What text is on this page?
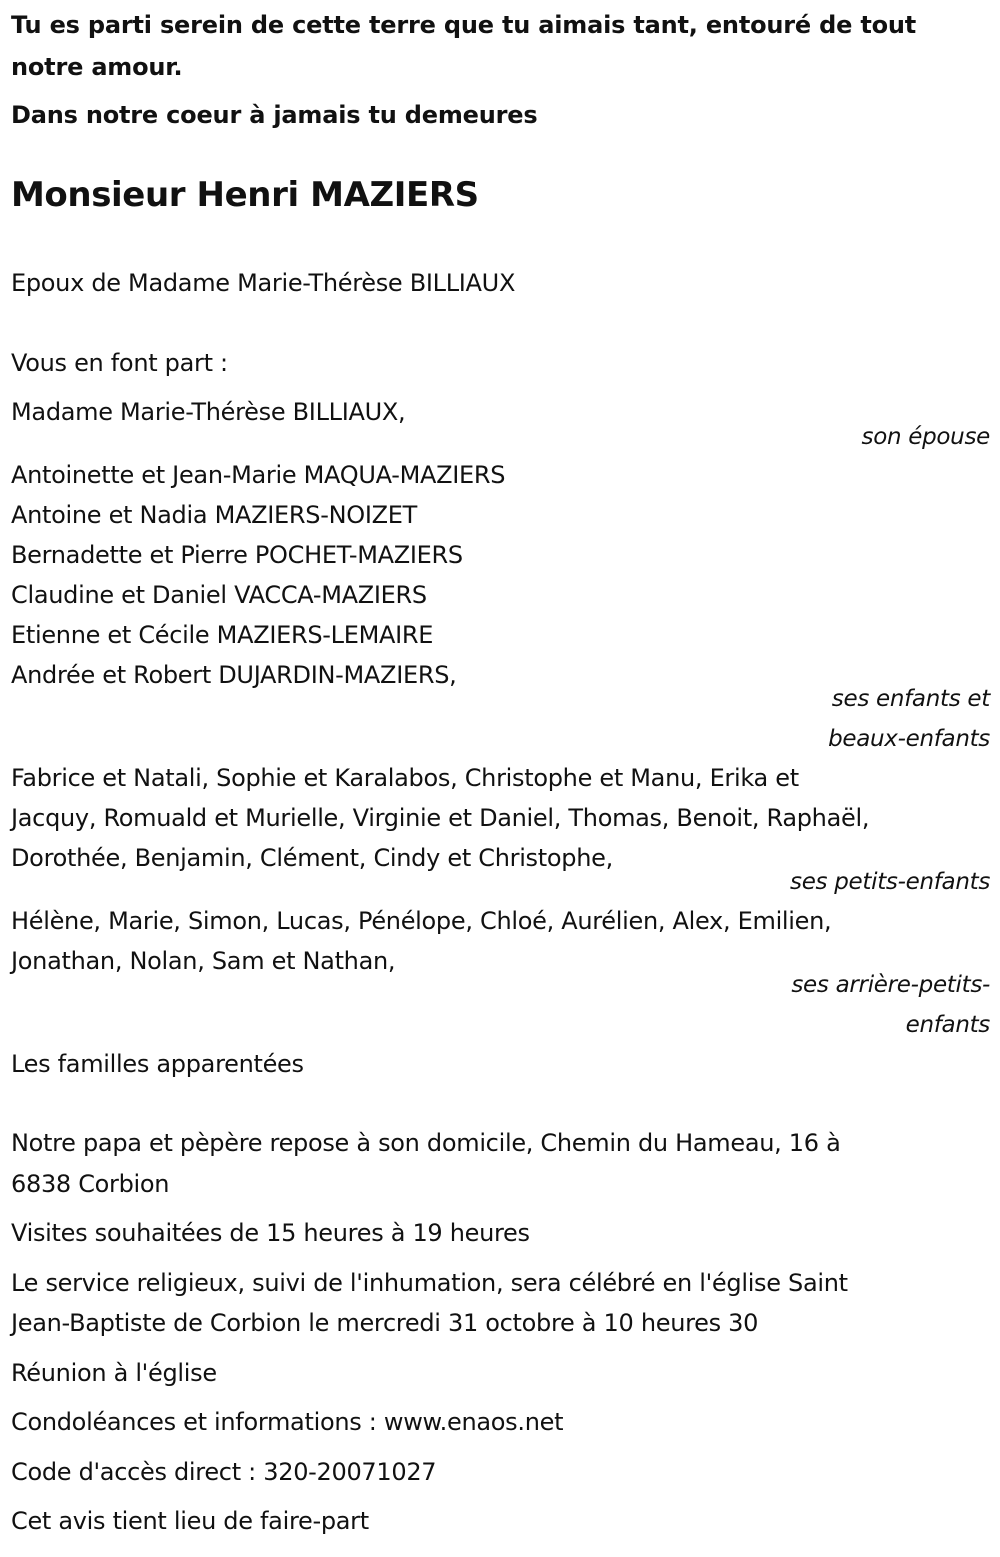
Tu es parti serein de cette terre que tu aimais tant, entouré de tout
notre amour.
Dans notre coeur à jamais tu demeures
Monsieur Henri MAZIERS
Epoux de Madame Marie-Thérèse BILLIAUX
Vous en font part :
Madame Marie-Thérèse BILLIAUX,
son épouse
Antoinette et Jean-Marie MAQUA-MAZIERS
Antoine et Nadia MAZIERS-NOIZET
Bernadette et Pierre POCHET-MAZIERS
Claudine et Daniel VACCA-MAZIERS
Etienne et Cécile MAZIERS-LEMAIRE
Andrée et Robert DUJARDIN-MAZIERS,
ses enfants et
beaux-enfants
Fabrice et Natali, Sophie et Karalabos, Christophe et Manu, Erika et
Jacquy, Romuald et Murielle, Virginie et Daniel, Thomas, Benoit, Raphaël,
Dorothée, Benjamin, Clément, Cindy et Christophe,
ses petits-enfants
Hélène, Marie, Simon, Lucas, Pénélope, Chloé, Aurélien, Alex, Emilien,
Jonathan, Nolan, Sam et Nathan,
ses arrière-petits-
enfants
Les familles apparentées
Notre papa et pèpère repose à son domicile, Chemin du Hameau, 16 à
6838 Corbion
Visites souhaitées de 15 heures à 19 heures
Le service religieux, suivi de l'inhumation, sera célébré en l'église Saint
Jean-Baptiste de Corbion le mercredi 31 octobre à 10 heures 30
Réunion à l'église
Condoléances et informations : www.enaos.net
Code d'accès direct : 320-20071027
Cet avis tient lieu de faire-part
